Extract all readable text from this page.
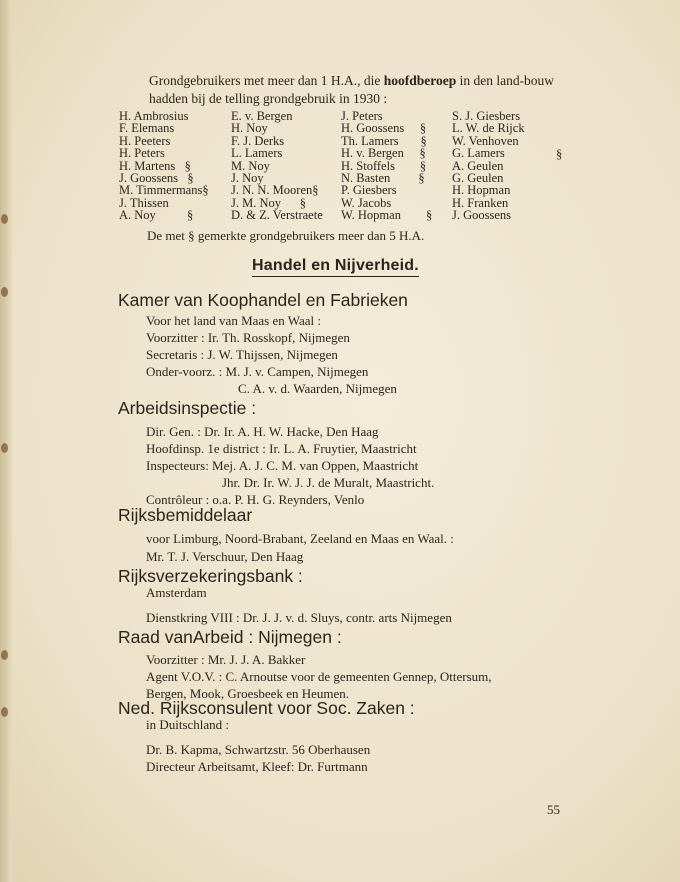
Grondgebruikers met meer dan 1 H.A., die hoofdberoep in den land-bouw hadden bij de telling grondgebruik in 1930 :
H. Ambrosius
F. Elemans
H. Peeters
H. Peters
H. Martens   §
J. Goossens   §
M. Timmermans§
J. Thissen
A. Noy          §
E. v. Bergen
H. Noy
F. J. Derks
L. Lamers
M. Noy
J. Noy
J. N. N. Mooren§
J. M. Noy      §
D. & Z. Verstraete
J. Peters
H. Goossens     §
Th. Lamers       §
H. v. Bergen     §
H. Stoffels        §
N. Basten         §
P. Giesbers
W. Jacobs
W. Hopman        §
S. J. Giesbers
L. W. de Rijck
W. Venhoven
G. Lamers
A. Geulen
G. Geulen
H. Hopman
H. Franken
J. Goossens
§
De met § gemerkte grondgebruikers meer dan 5 H.A.
Handel en Nijverheid.
Kamer van Koophandel en Fabrieken
Voor het land van Maas en Waal :
Voorzitter : Ir. Th. Rosskopf, Nijmegen
Secretaris : J. W. Thijssen, Nijmegen
Onder-voorz. : M. J. v. Campen, Nijmegen
C. A. v. d. Waarden, Nijmegen
Arbeidsinspectie :
Dir. Gen. : Dr. Ir. A. H. W. Hacke, Den Haag
Hoofdinsp. 1e district : Ir. L. A. Fruytier, Maastricht
Inspecteurs: Mej. A. J. C. M. van Oppen, Maastricht
Jhr. Dr. Ir. W. J. J. de Muralt, Maastricht.
Contrôleur : o.a. P. H. G. Reynders, Venlo
Rijksbemiddelaar
voor Limburg, Noord-Brabant, Zeeland en Maas en Waal. :
Mr. T. J. Verschuur, Den Haag
Rijksverzekeringsbank :
Amsterdam
Dienstkring VIII : Dr. J. J. v. d. Sluys, contr. arts Nijmegen
Raad vanArbeid : Nijmegen :
Voorzitter : Mr. J. J. A. Bakker
Agent V.O.V. : C. Arnoutse voor de gemeenten Gennep, Ottersum,
Bergen, Mook, Groesbeek en Heumen.
Ned. Rijksconsulent voor Soc. Zaken :
in Duitschland :
Dr. B. Kapma, Schwartzstr. 56 Oberhausen
Directeur Arbeitsamt, Kleef: Dr. Furtmann
55
